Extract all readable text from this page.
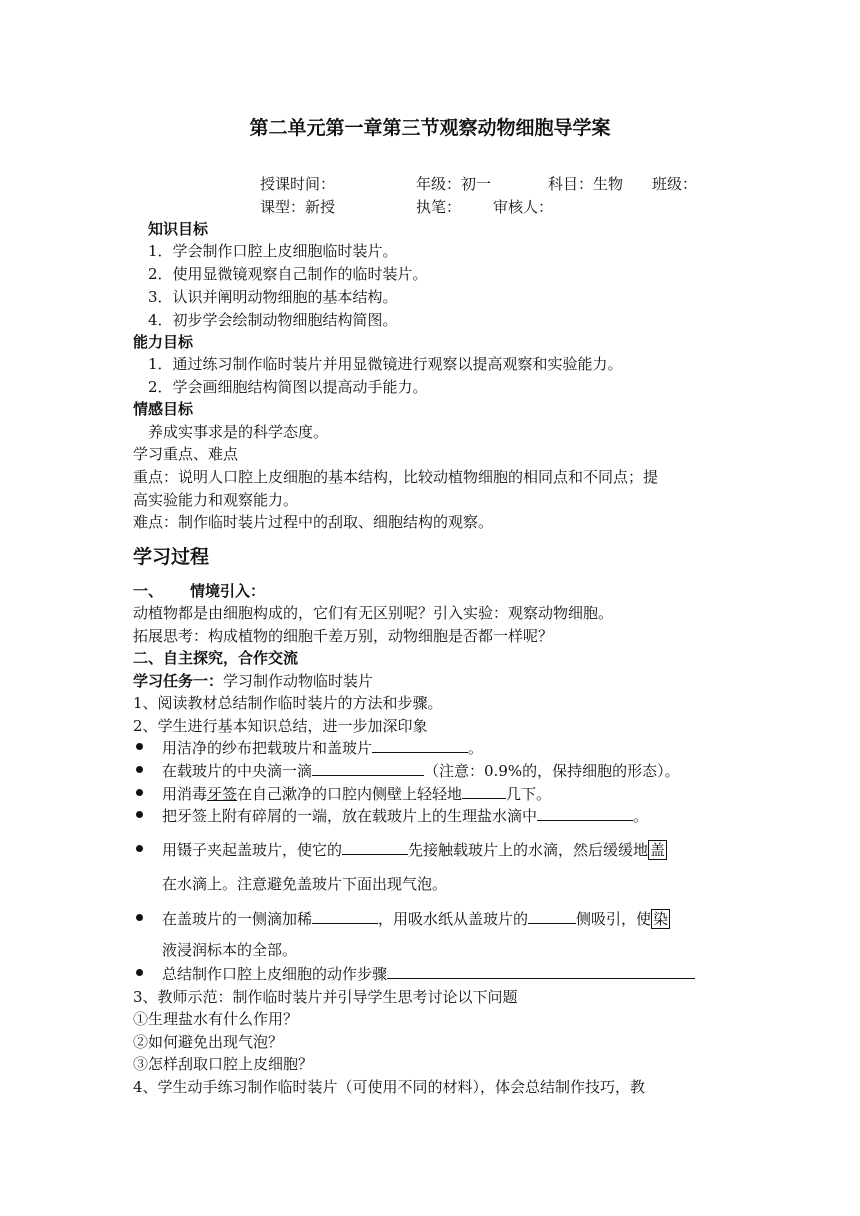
第二单元第一章第三节观察动物细胞导学案
授课时间：	年级：初一	科目：生物 班级：
课型：新授	执笔： 审核人：
知识目标
1．学会制作口腔上皮细胞临时装片。
2．使用显微镜观察自己制作的临时装片。
3．认识并阐明动物细胞的基本结构。
4．初步学会绘制动物细胞结构简图。
能力目标
1．通过练习制作临时装片并用显微镜进行观察以提高观察和实验能力。
2．学会画细胞结构简图以提高动手能力。
情感目标
养成实事求是的科学态度。
学习重点、难点
重点：说明人口腔上皮细胞的基本结构，比较动植物细胞的相同点和不同点；提
高实验能力和观察能力。
难点：制作临时装片过程中的刮取、细胞结构的观察。
学习过程
一、 情境引入：
动植物都是由细胞构成的，它们有无区别呢？引入实验：观察动物细胞。
拓展思考：构成植物的细胞千差万别，动物细胞是否都一样呢？
二、自主探究，合作交流
学习任务一：学习制作动物临时装片
1、阅读教材总结制作临时装片的方法和步骤。
2、学生进行基本知识总结，进一步加深印象
用洁净的纱布把载玻片和盖玻片	。
在载玻片的中央滴一滴	（注意：0.9%的，保持细胞的形态）。
用消毒牙签在自己漱净的口腔内侧壁上轻轻地	几下。
把牙签上附有碎屑的一端，放在载玻片上的生理盐水滴中	。
用镊子夹起盖玻片，使它的	先接触载玻片上的水滴，然后缓缓地 盖
在水滴上。注意避免盖玻片下面出现气泡。
在盖玻片的一侧滴加稀	，用吸水纸从盖玻片的	侧吸引，使 染
液浸润标本的全部。
总结制作口腔上皮细胞的动作步骤
3、教师示范：制作临时装片并引导学生思考讨论以下问题
①生理盐水有什么作用？
②如何避免出现气泡？
③怎样刮取口腔上皮细胞？
4、学生动手练习制作临时装片（可使用不同的材料），体会总结制作技巧，教
